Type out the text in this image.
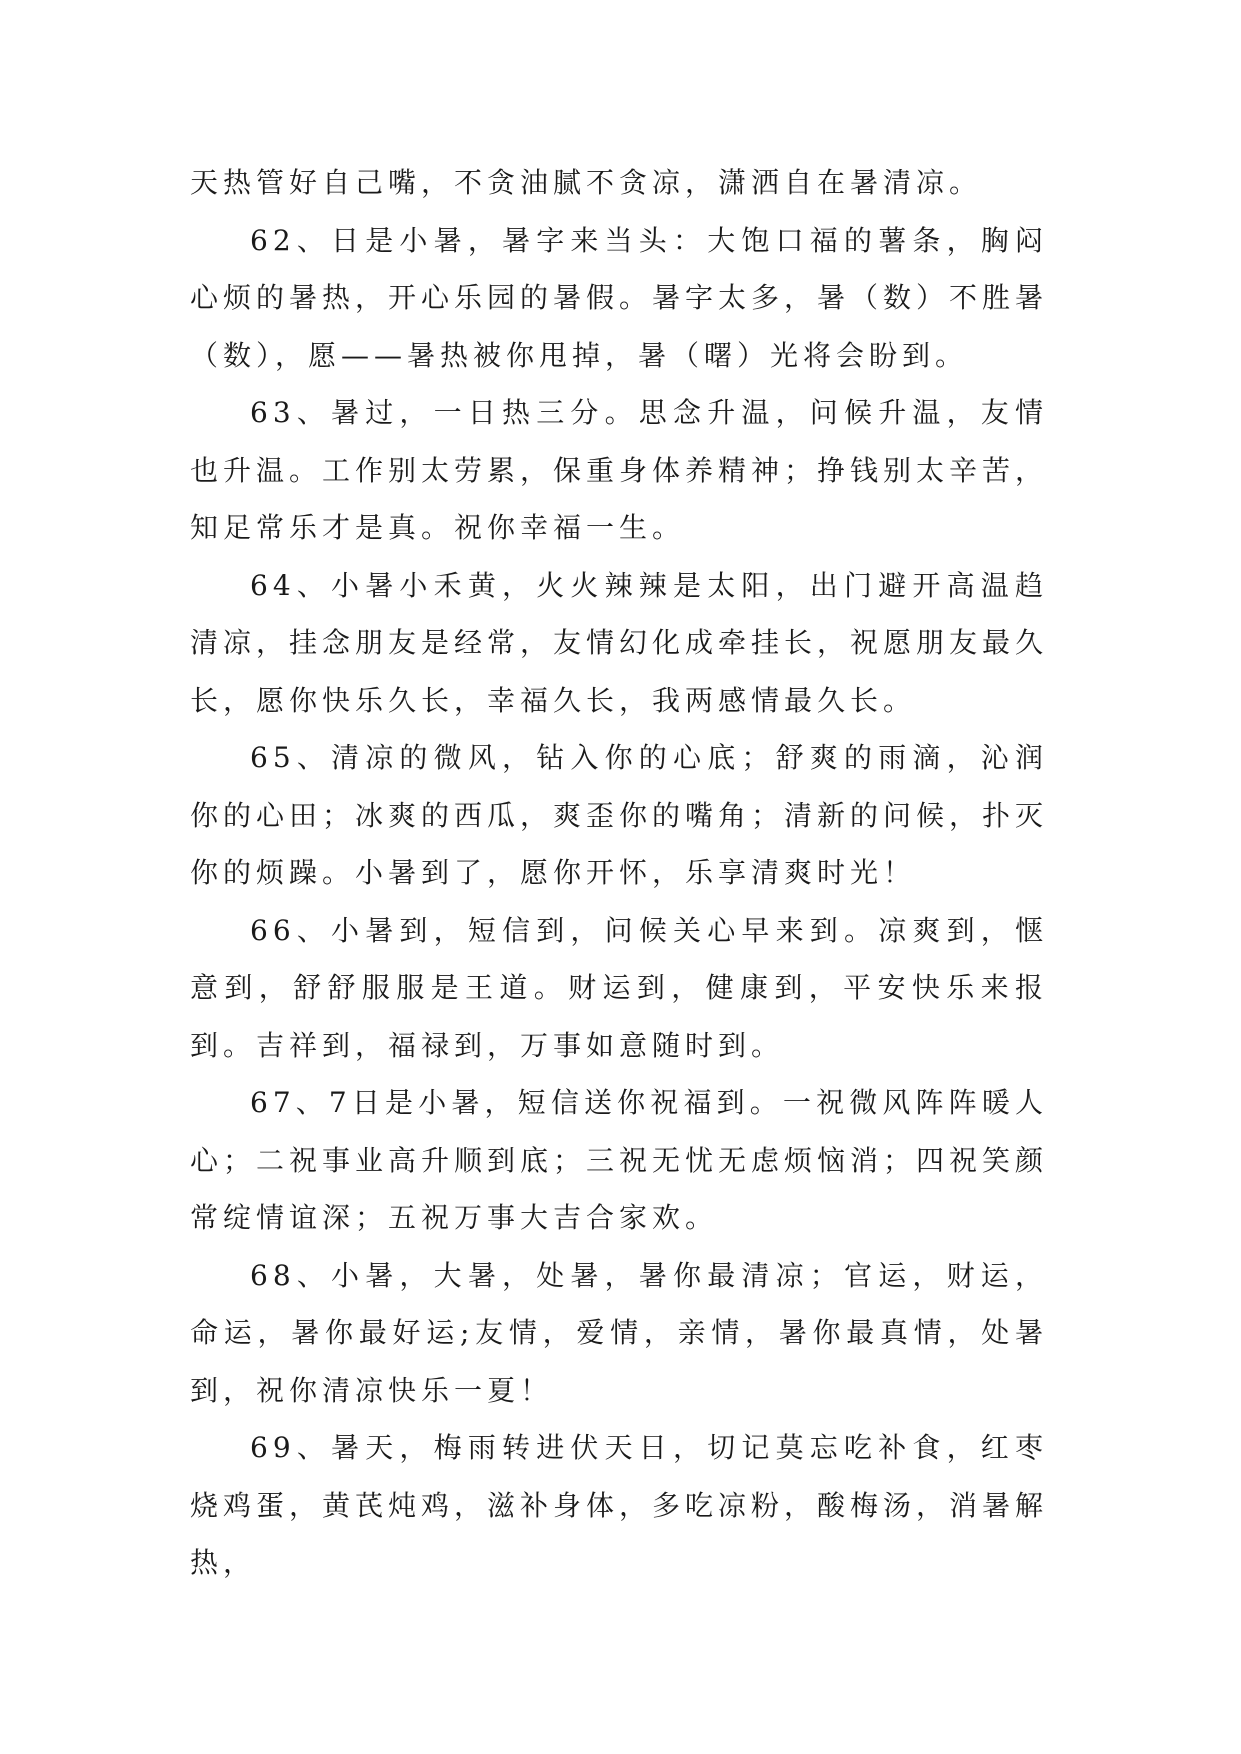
天热管好自己嘴，不贪油腻不贪凉，潇洒自在暑清凉。

62、日是小暑，暑字来当头：大饱口福的薯条，胸闷心烦的暑热，开心乐园的暑假。暑字太多，暑（数）不胜暑（数），愿——暑热被你甩掉，暑（曙）光将会盼到。

63、暑过，一日热三分。思念升温，问候升温，友情也升温。工作别太劳累，保重身体养精神；挣钱别太辛苦，知足常乐才是真。祝你幸福一生。

64、小暑小禾黄，火火辣辣是太阳，出门避开高温趋清凉，挂念朋友是经常，友情幻化成牵挂长，祝愿朋友最久长，愿你快乐久长，幸福久长，我两感情最久长。

65、清凉的微风，钻入你的心底；舒爽的雨滴，沁润你的心田；冰爽的西瓜，爽歪你的嘴角；清新的问候，扑灭你的烦躁。小暑到了，愿你开怀，乐享清爽时光！

66、小暑到，短信到，问候关心早来到。凉爽到，惬意到，舒舒服服是王道。财运到，健康到，平安快乐来报到。吉祥到，福禄到，万事如意随时到。

67、7日是小暑，短信送你祝福到。一祝微风阵阵暖人心；二祝事业高升顺到底；三祝无忧无虑烦恼消；四祝笑颜常绽情谊深；五祝万事大吉合家欢。

68、小暑，大暑，处暑，暑你最清凉；官运，财运，命运，暑你最好运;友情，爱情，亲情，暑你最真情，处暑到，祝你清凉快乐一夏！

69、暑天，梅雨转进伏天日，切记莫忘吃补食，红枣烧鸡蛋，黄芪炖鸡，滋补身体，多吃凉粉，酸梅汤，消暑解热，
